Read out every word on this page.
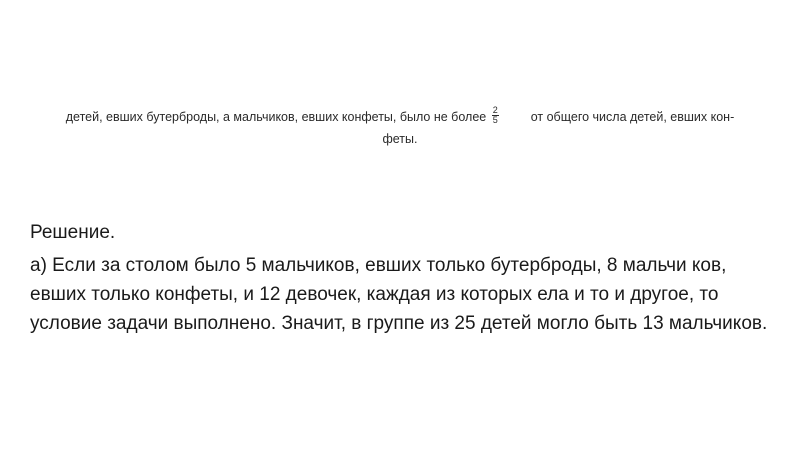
детей, евших бутерброды, а мальчиков, евших конфеты, было не более $\frac{2}{5}$	от общего числа детей, евших кон-
феты.

Решение.

а) Если за столом было 5 мальчиков, евших только бутерброды, 8 мальчи ков, евших только конфеты, и 12 девочек, каждая из которых ела и то и другое, то условие задачи выполнено. Значит, в группе из 25 детей могло быть 13 мальчиков.
